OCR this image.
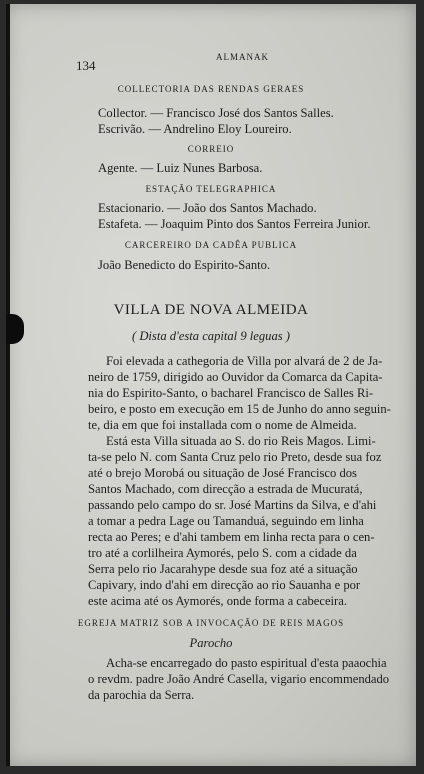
134
ALMANAK
COLLECTORIA DAS RENDAS GERAES
Collector. — Francisco José dos Santos Salles.
Escrivão. — Andrelino Eloy Loureiro.
CORREIO
Agente. — Luiz Nunes Barbosa.
ESTAÇÃO TELEGRAPHICA
Estacionario. — João dos Santos Machado.
Estafeta. — Joaquim Pinto dos Santos Ferreira Junior.
CARCEREIRO DA CADÊA PUBLICA
João Benedicto do Espirito-Santo.
VILLA DE NOVA ALMEIDA
( Dista d'esta capital 9 leguas )
Foi elevada a cathegoria de Villa por alvará de 2 de Ja-
neiro de 1759, dirigido ao Ouvidor da Comarca da Capita-
nia do Espirito-Santo, o bacharel Francisco de Salles Ri-
beiro, e posto em execução em 15 de Junho do anno seguin-
te, dia em que foi installada com o nome de Almeida.
Está esta Villa situada ao S. do rio Reis Magos. Limi-
ta-se pelo N. com Santa Cruz pelo rio Preto, desde sua foz
até o brejo Morobá ou situação de José Francisco dos
Santos Machado, com direcção a estrada de Mucuratá,
passando pelo campo do sr. José Martins da Silva, e d'ahi
a tomar a pedra Lage ou Tamanduá, seguindo em linha
recta ao Peres; e d'ahi tambem em linha recta para o cen-
tro até a corlilheira Aymorés, pelo S. com a cidade da
Serra pelo rio Jacarahype desde sua foz até a situação
Capivary, indo d'ahi em direcção ao rio Sauanha e por
este acima até os Aymorés, onde forma a cabeceira.
EGREJA MATRIZ SOB A INVOCAÇÃO DE REIS MAGOS
Parocho
Acha-se encarregado do pasto espiritual d'esta paaochia
o revdm. padre João André Casella, vigario encommendado
da parochia da Serra.
